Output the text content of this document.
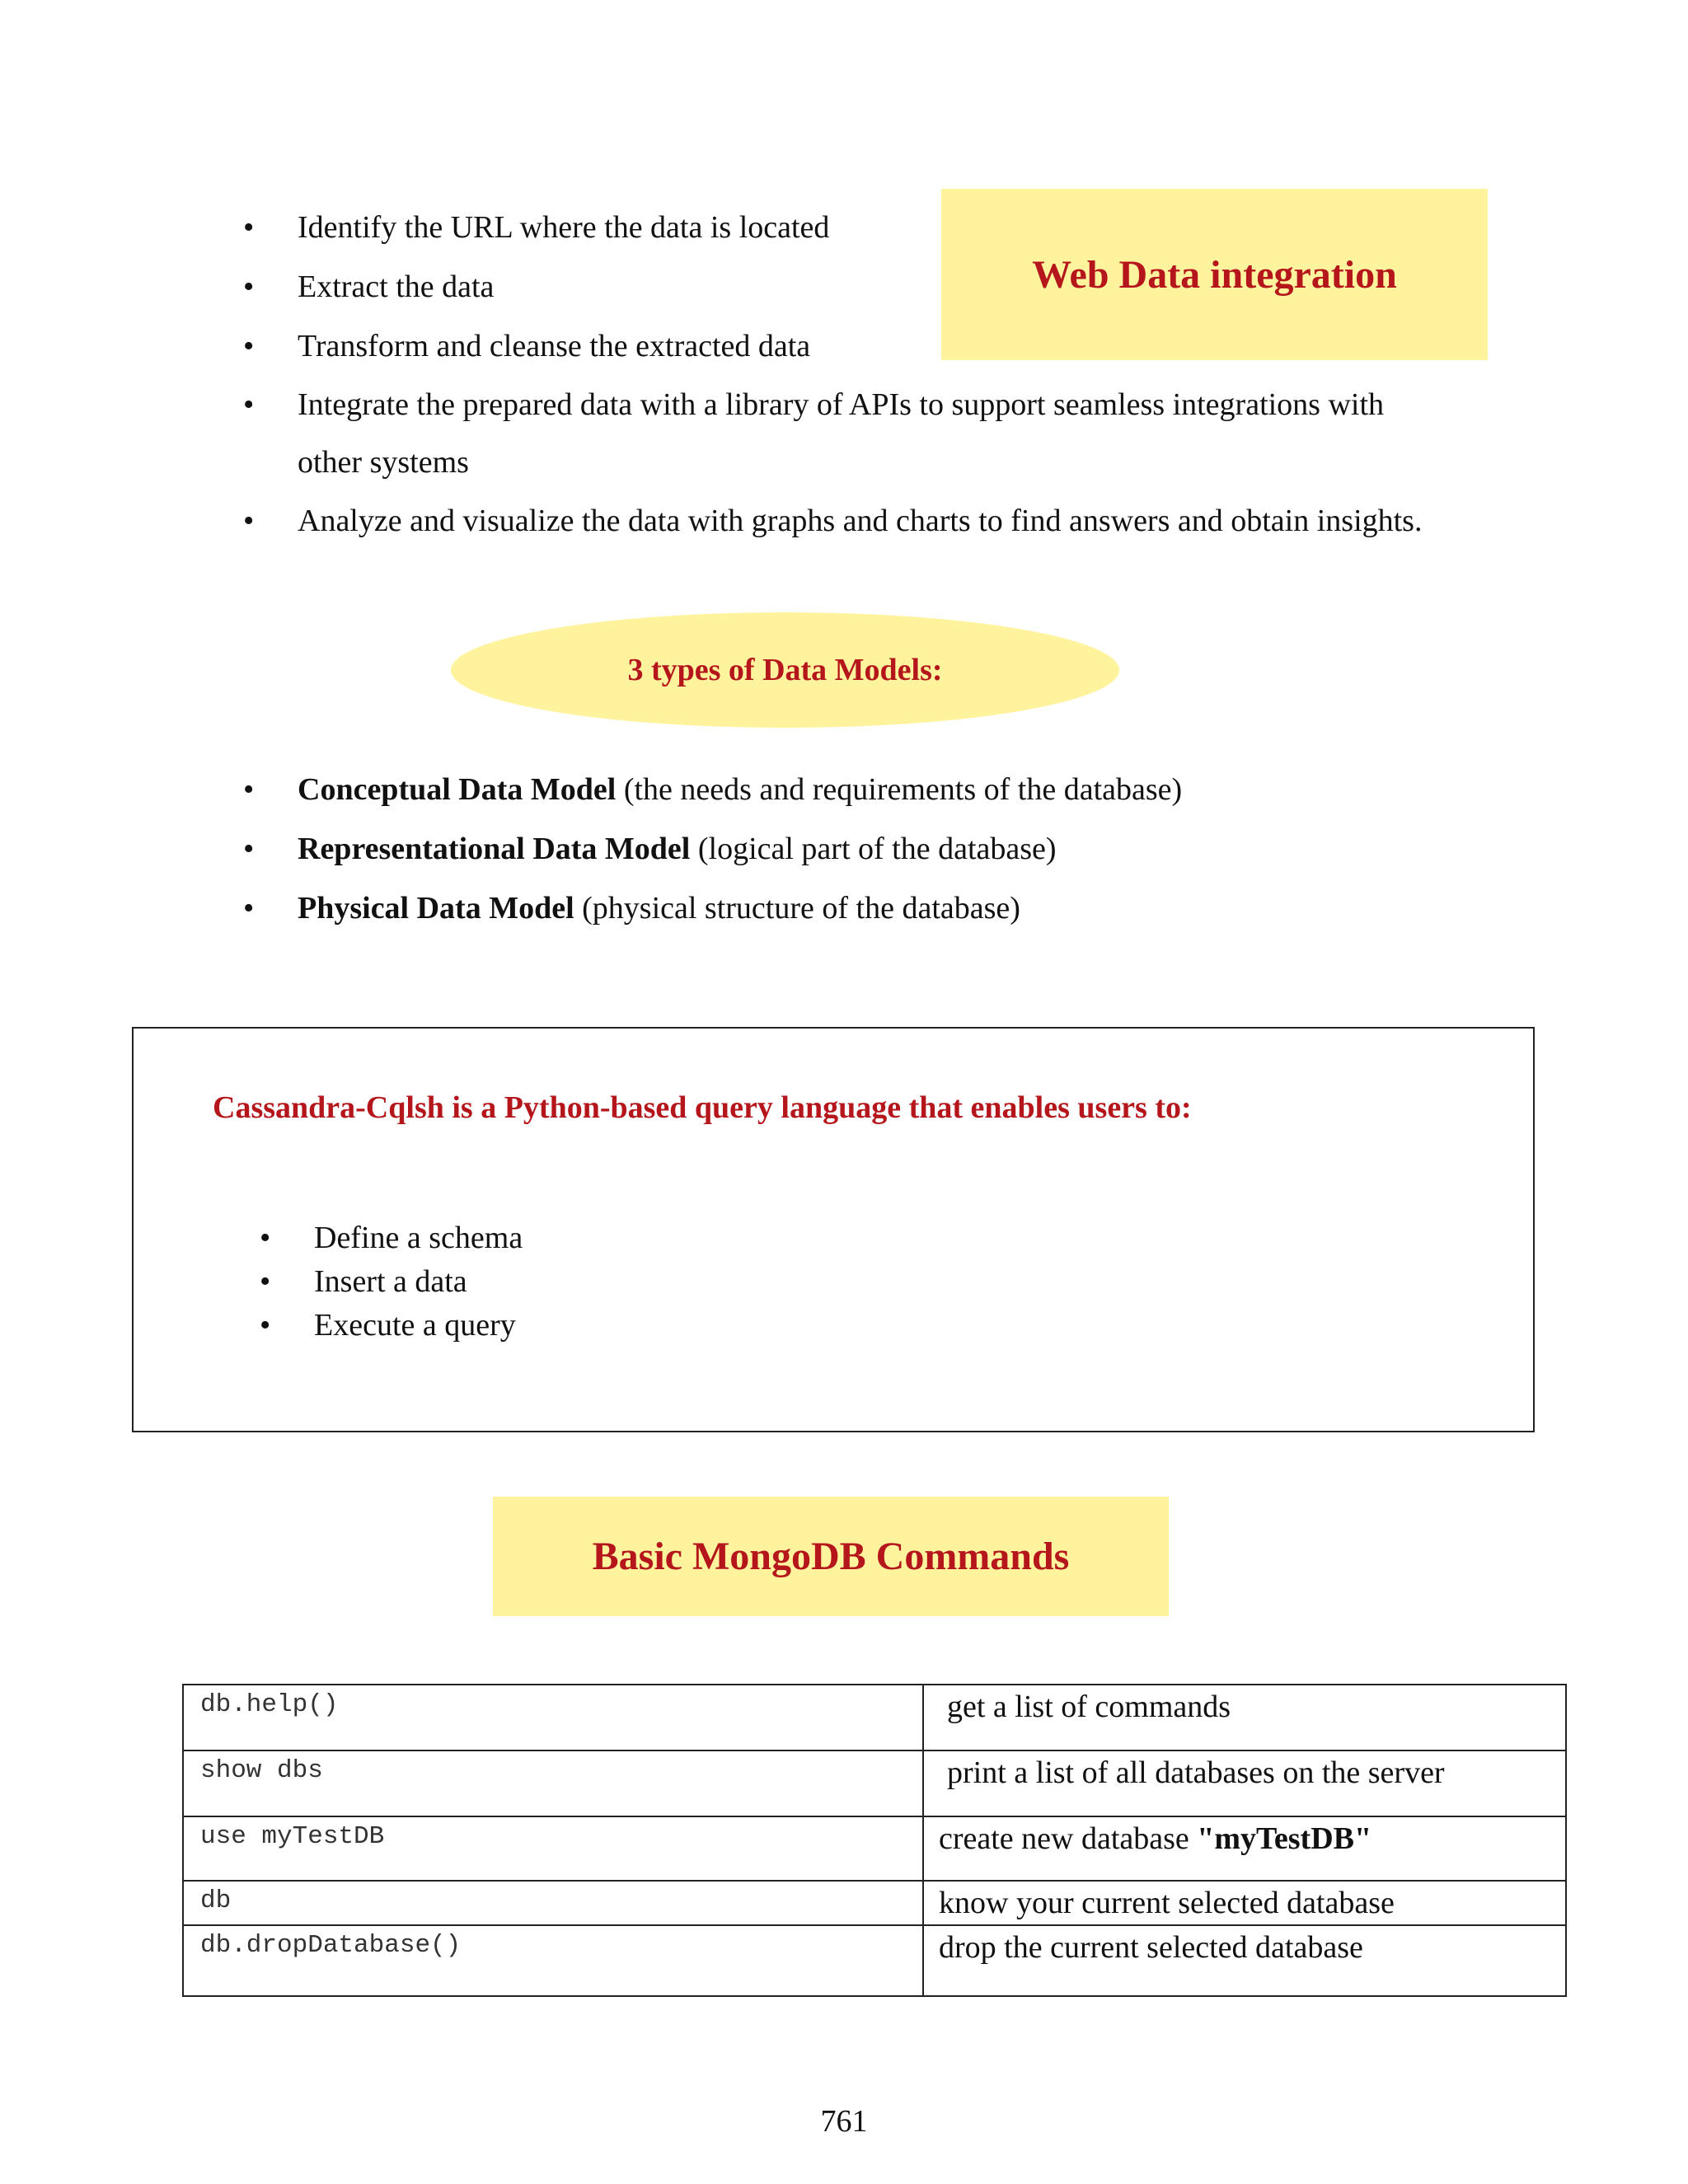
• Identify the URL where the data is located
• Extract the data
• Transform and cleanse the extracted data
• Integrate the prepared data with a library of APIs to support seamless integrations with
other systems
• Analyze and visualize the data with graphs and charts to find answers and obtain insights.
Web Data integration
3 types of Data Models:
• Conceptual Data Model (the needs and requirements of the database)
• Representational Data Model (logical part of the database)
• Physical Data Model (physical structure of the database)
Cassandra-Cqlsh is a Python-based query language that enables users to:
• Define a schema
• Insert a data
• Execute a query
Basic MongoDB Commands
db.help()	get a list of commands
show dbs	print a list of all databases on the server
use myTestDB	create new database "myTestDB"
db	know your current selected database
db.dropDatabase()	drop the current selected database
761
